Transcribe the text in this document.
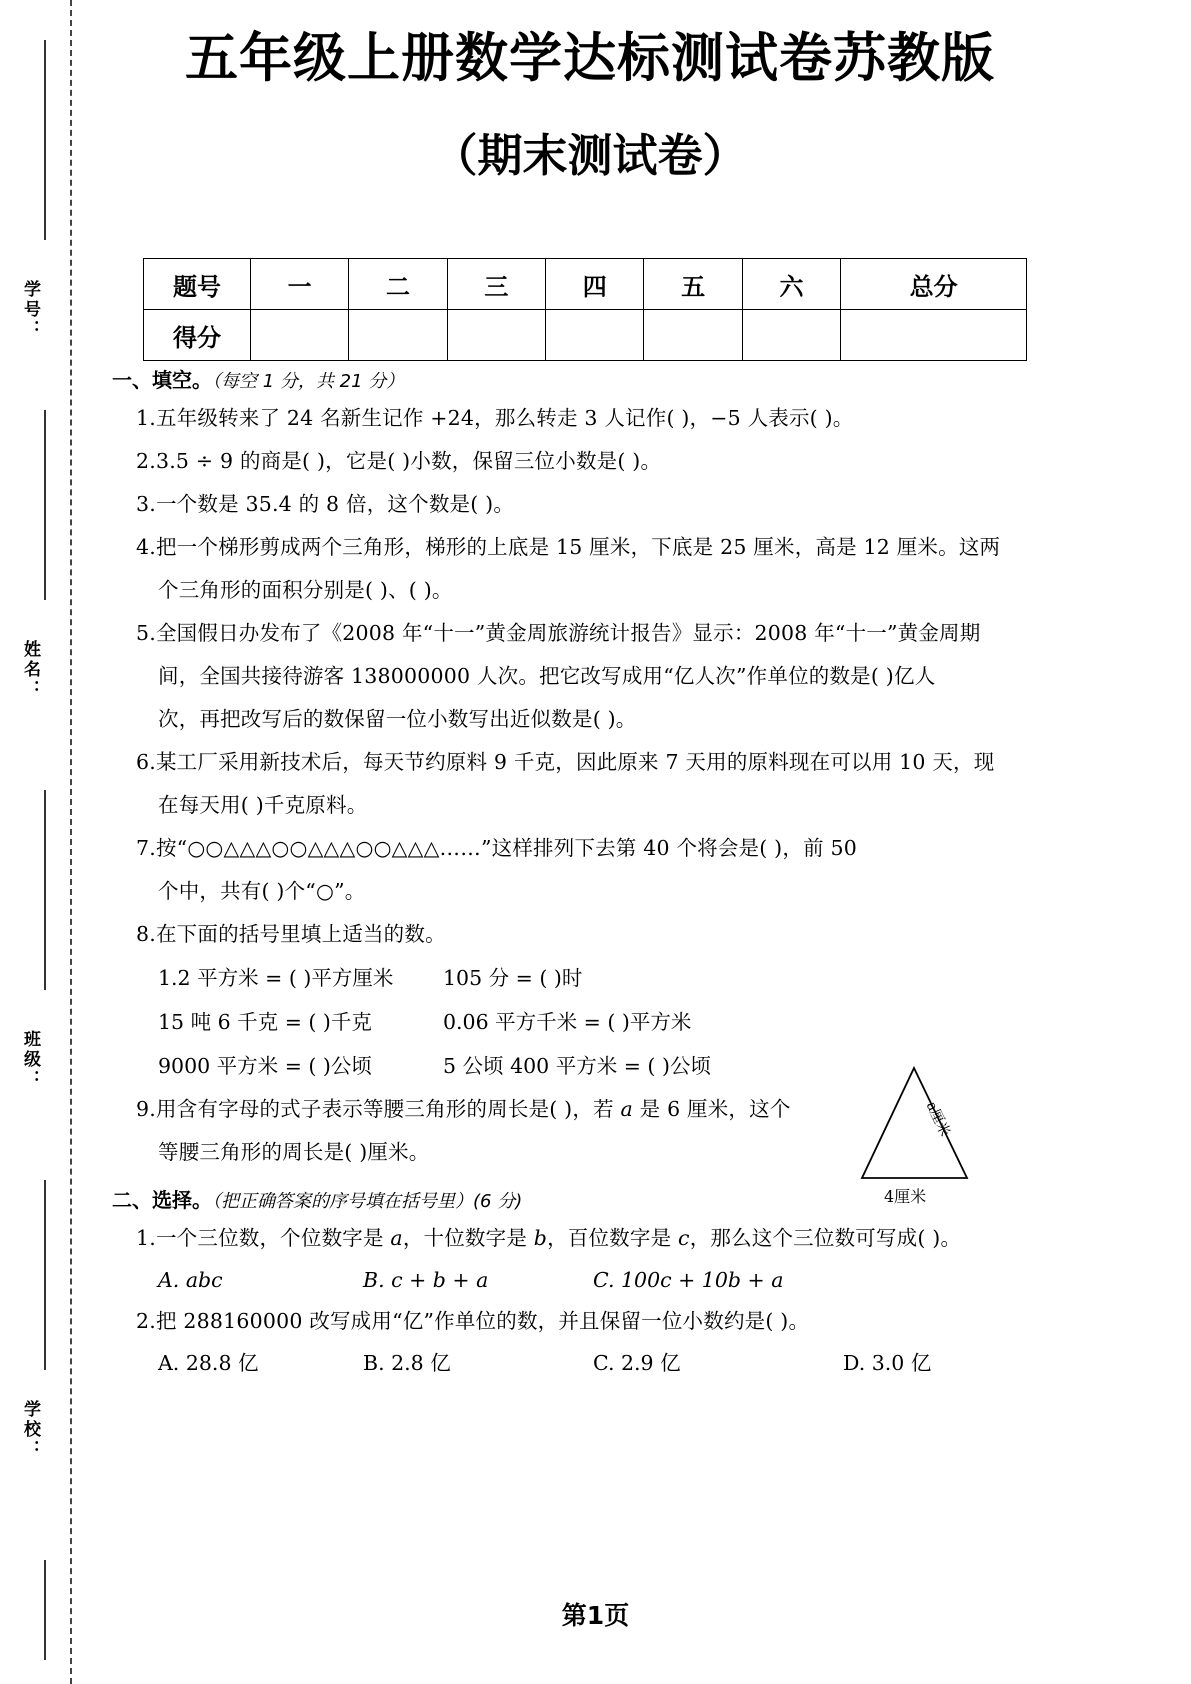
学号：
姓名：
班级：
学校：
五年级上册数学达标测试卷苏教版
（期末测试卷）
题号	一	二	三	四	五	六	总分
得分							
一、填空。（每空 1 分，共 21 分）
1.五年级转来了 24 名新生记作 +24，那么转走 3 人记作( )，−5 人表示( )。
2.3.5 ÷ 9 的商是( )，它是( )小数，保留三位小数是( )。
3.一个数是 35.4 的 8 倍，这个数是( )。
4.把一个梯形剪成两个三角形，梯形的上底是 15 厘米，下底是 25 厘米，高是 12 厘米。这两
个三角形的面积分别是( )、( )。
5.全国假日办发布了《2008 年“十一”黄金周旅游统计报告》显示：2008 年“十一”黄金周期
间，全国共接待游客 138000000 人次。把它改写成用“亿人次”作单位的数是( )亿人
次，再把改写后的数保留一位小数写出近似数是( )。
6.某工厂采用新技术后，每天节约原料 9 千克，因此原来 7 天用的原料现在可以用 10 天，现
在每天用( )千克原料。
7.按“○○△△△○○△△△○○△△△……”这样排列下去第 40 个将会是( )，前 50
个中，共有( )个“○”。
8.在下面的括号里填上适当的数。
1.2 平方米 = ( )平方厘米	105 分 = ( )时
15 吨 6 千克 = ( )千克	0.06 平方千米 = ( )平方米
9000 平方米 = ( )公顷	5 公顷 400 平方米 = ( )公顷
9.用含有字母的式子表示等腰三角形的周长是( )，若 a 是 6 厘米，这个
等腰三角形的周长是( )厘米。
二、选择。（把正确答案的序号填在括号里）(6 分)
1.一个三位数，个位数字是 a，十位数字是 b，百位数字是 c，那么这个三位数可写成( )。
A. abc	B. c + b + a	C. 100c + 10b + a
2.把 288160000 改写成用“亿”作单位的数，并且保留一位小数约是( )。
A. 28.8 亿	B. 2.8 亿	C. 2.9 亿	D. 3.0 亿
a厘米
4厘米
第1页
